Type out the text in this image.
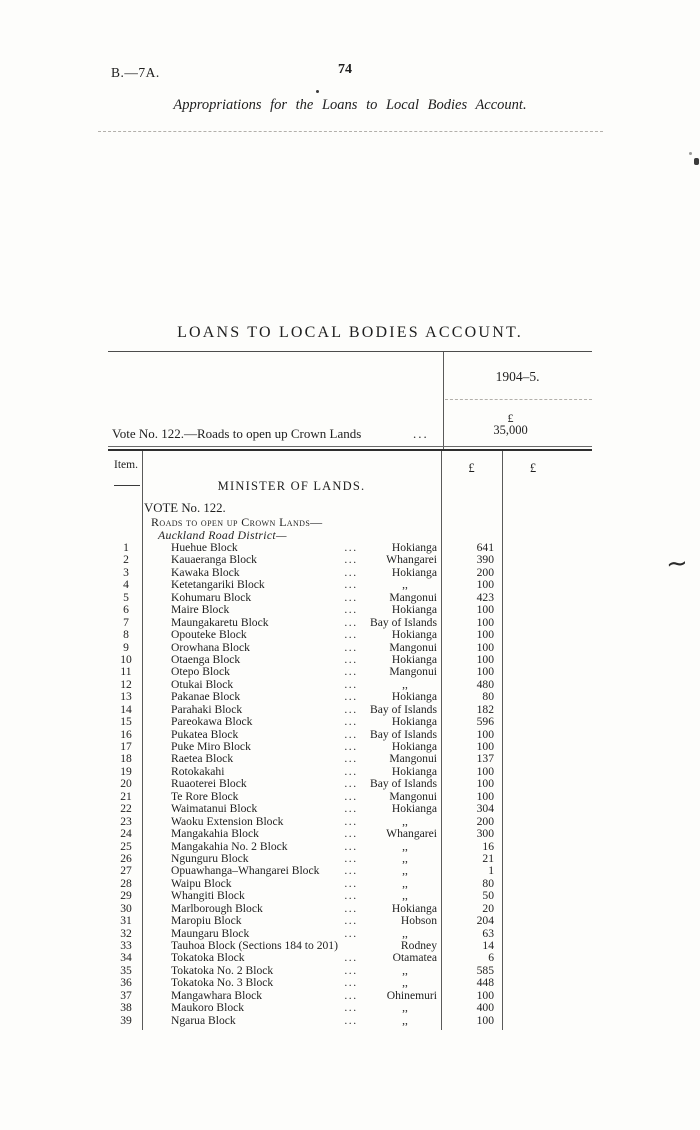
B.—7A.	74
Appropriations for the Loans to Local Bodies Account.
LOANS TO LOCAL BODIES ACCOUNT.
1904–5.
£
35,000
Vote No. 122.—Roads to open up Crown Lands	...
Item.	£	£
MINISTER OF LANDS.
VOTE No. 122.
Roads to open up Crown Lands—
Auckland Road District—
1	Huehue Block	...	Hokianga	641
2	Kauaeranga Block	...	Whangarei	390
3	Kawaka Block	...	Hokianga	200
4	Ketetangariki Block	...	,,	100
5	Kohumaru Block	...	Mangonui	423
6	Maire Block	...	Hokianga	100
7	Maungakaretu Block	...	Bay of Islands	100
8	Opouteke Block	...	Hokianga	100
9	Orowhana Block	...	Mangonui	100
10	Otaenga Block	...	Hokianga	100
11	Otepo Block	...	Mangonui	100
12	Otukai Block	...	,,	480
13	Pakanae Block	...	Hokianga	80
14	Parahaki Block	...	Bay of Islands	182
15	Pareokawa Block	...	Hokianga	596
16	Pukatea Block	...	Bay of Islands	100
17	Puke Miro Block	...	Hokianga	100
18	Raetea Block	...	Mangonui	137
19	Rotokakahi	...	Hokianga	100
20	Ruaoterei Block	...	Bay of Islands	100
21	Te Rore Block	...	Mangonui	100
22	Waimatanui Block	...	Hokianga	304
23	Waoku Extension Block	...	,,	200
24	Mangakahia Block	...	Whangarei	300
25	Mangakahia No. 2 Block	...	,,	16
26	Ngunguru Block	...	,,	21
27	Opuawhanga–Whangarei Block	...	,,	1
28	Waipu Block	...	,,	80
29	Whangiti Block	...	,,	50
30	Marlborough Block	...	Hokianga	20
31	Maropiu Block	...	Hobson	204
32	Maungaru Block	...	,,	63
33	Tauhoa Block (Sections 184 to 201)	Rodney	14
34	Tokatoka Block	...	Otamatea	6
35	Tokatoka No. 2 Block	...	,,	585
36	Tokatoka No. 3 Block	...	,,	448
37	Mangawhara Block	...	Ohinemuri	100
38	Maukoro Block	...	,,	400
39	Ngarua Block	...	,,	100
∼
